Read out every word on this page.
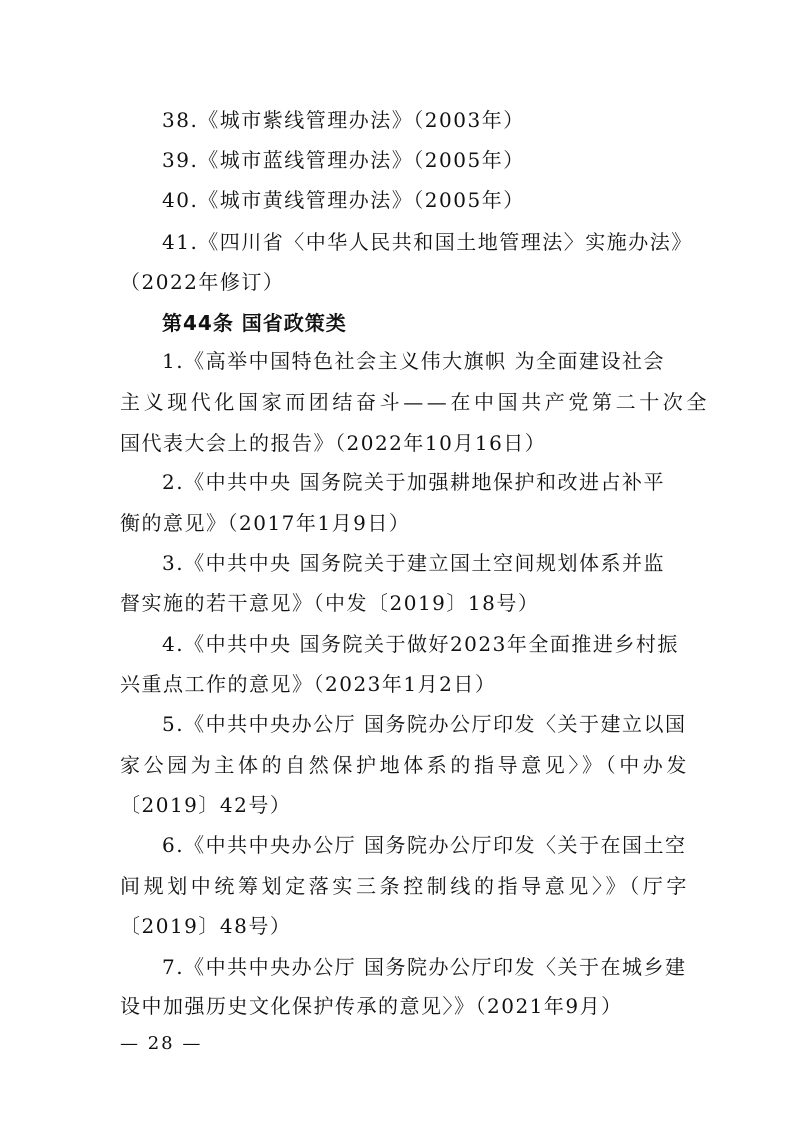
38.《城市紫线管理办法》（2003年）
39.《城市蓝线管理办法》（2005年）
40.《城市黄线管理办法》（2005年）
41.《四川省〈中华人民共和国土地管理法〉实施办法》
（2022年修订）
第44条 国省政策类
1.《高举中国特色社会主义伟大旗帜 为全面建设社会
主义现代化国家而团结奋斗——在中国共产党第二十次全
国代表大会上的报告》（2022年10月16日）
2.《中共中央 国务院关于加强耕地保护和改进占补平
衡的意见》（2017年1月9日）
3.《中共中央 国务院关于建立国土空间规划体系并监
督实施的若干意见》（中发〔2019〕18号）
4.《中共中央 国务院关于做好2023年全面推进乡村振
兴重点工作的意见》（2023年1月2日）
5.《中共中央办公厅 国务院办公厅印发〈关于建立以国
家公园为主体的自然保护地体系的指导意见〉》（中办发
〔2019〕42号）
6.《中共中央办公厅 国务院办公厅印发〈关于在国土空
间规划中统筹划定落实三条控制线的指导意见〉》（厅字
〔2019〕48号）
7.《中共中央办公厅 国务院办公厅印发〈关于在城乡建
设中加强历史文化保护传承的意见〉》（2021年9月）
— 28 —
